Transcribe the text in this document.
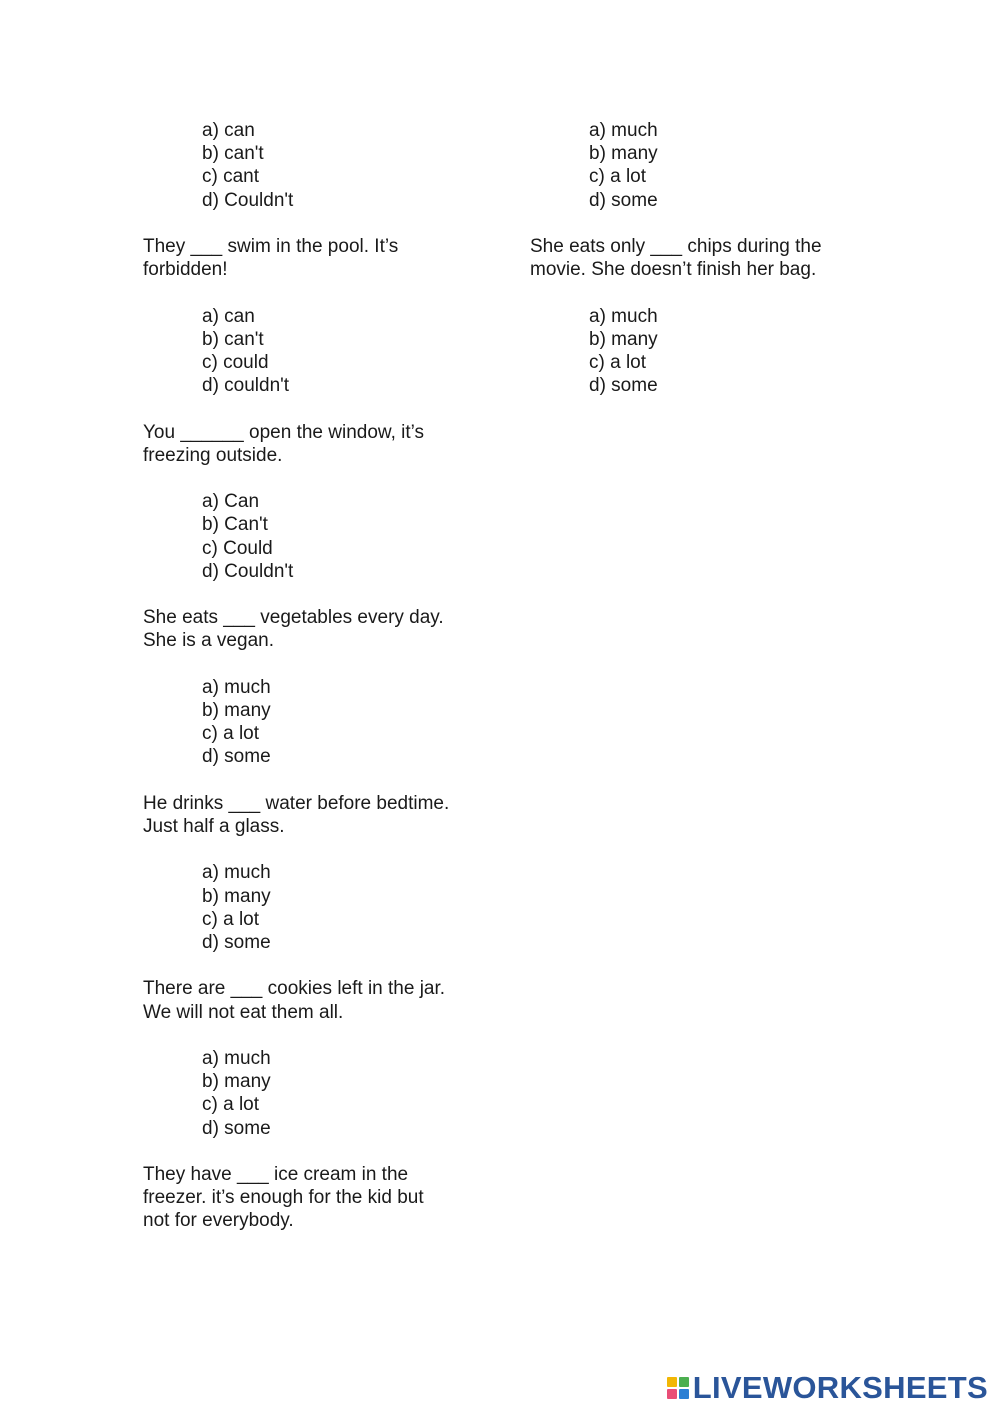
a) can
b) can't
c) cant
d) Couldn't
They ___ swim in the pool. It’s
forbidden!
a) can
b) can't
c) could
d) couldn't
You ______ open the window, it’s
freezing outside.
a) Can
b) Can't
c) Could
d) Couldn't
She eats ___ vegetables every day.
She is a vegan.
a) much
b) many
c) a lot
d) some
He drinks ___ water before bedtime.
Just half a glass.
a) much
b) many
c) a lot
d) some
There are ___ cookies left in the jar.
We will not eat them all.
a) much
b) many
c) a lot
d) some
They have ___ ice cream in the
freezer. it’s enough for the kid but
not for everybody.
a) much
b) many
c) a lot
d) some
She eats only ___ chips during the
movie. She doesn’t finish her bag.
a) much
b) many
c) a lot
d) some
LIVEWORKSHEETS
